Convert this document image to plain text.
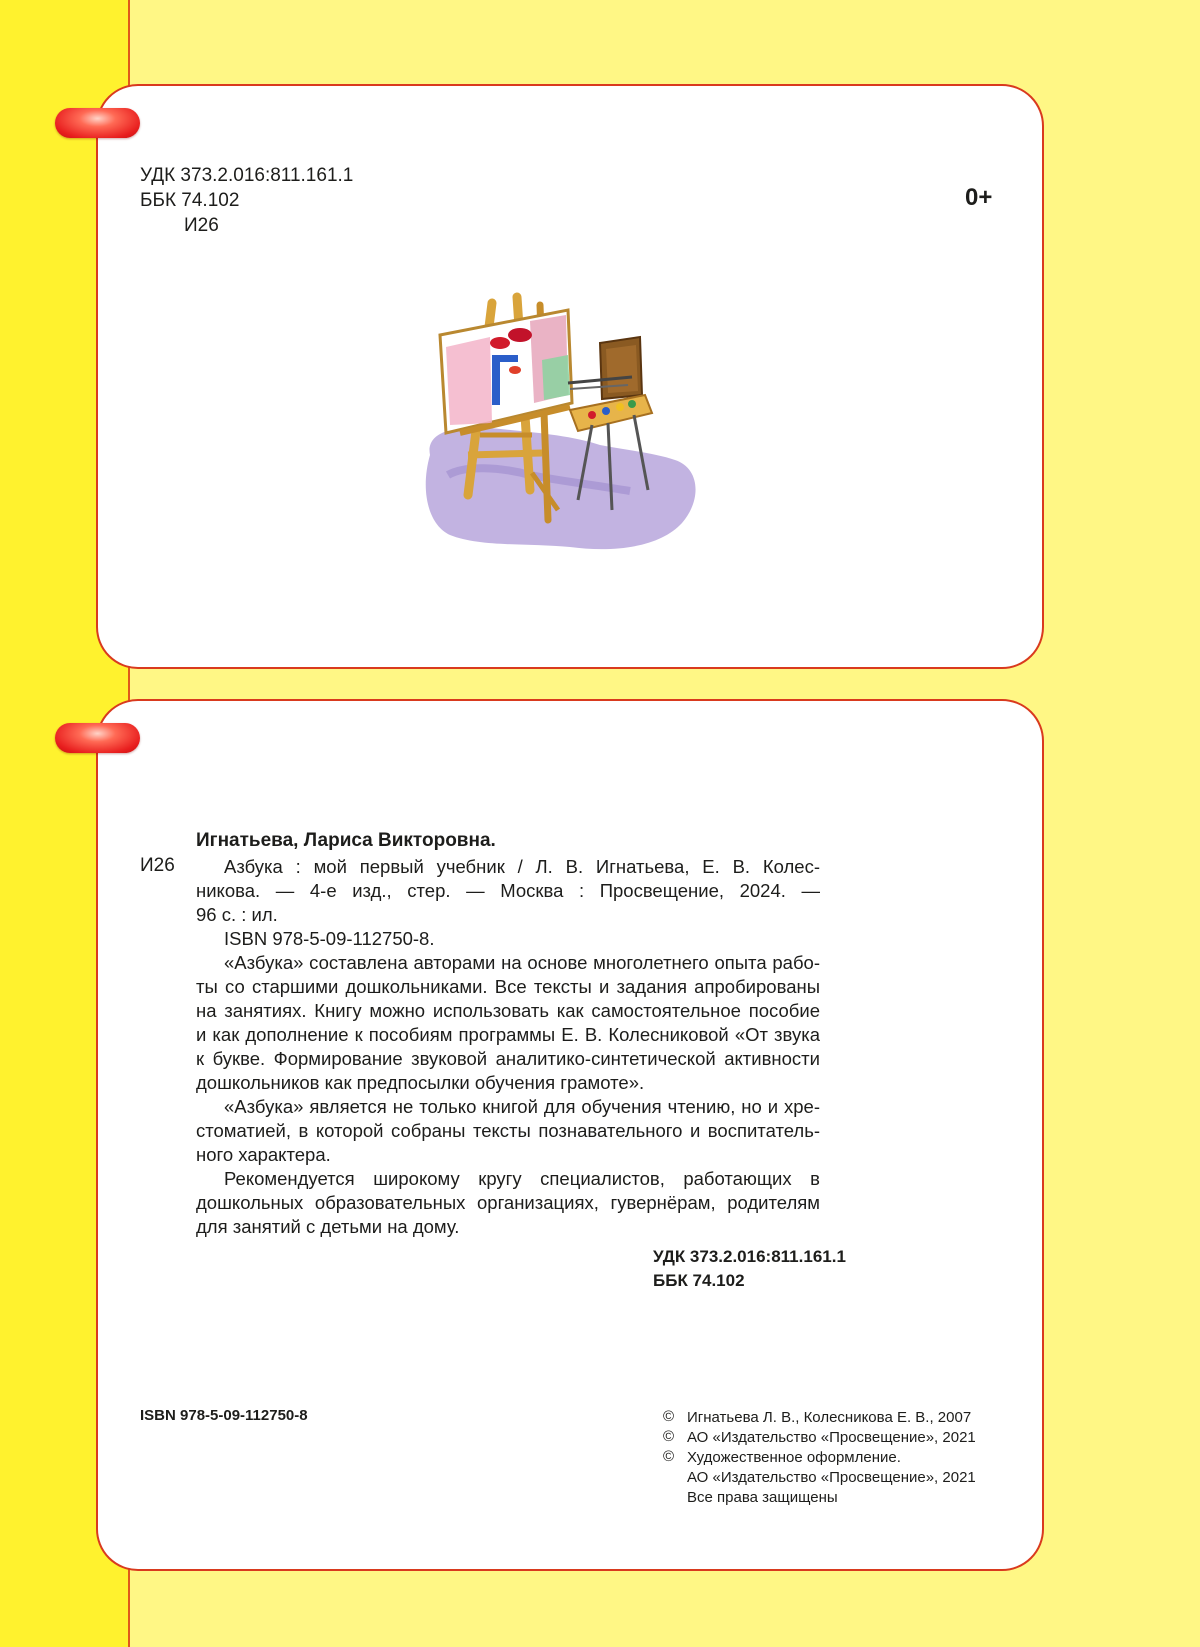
УДК 373.2.016:811.161.1
ББК 74.102
И26
0+
Игнатьева, Лариса Викторовна.
И26	Азбука : мой первый учебник / Л. В. Игнатьева, Е. В. Колес-
никова. — 4-е изд., стер. — Москва : Просвещение, 2024. —
96 с. : ил.
ISBN 978-5-09-112750-8.
«Азбука» составлена авторами на основе многолетнего опыта рабо-
ты со старшими дошкольниками. Все тексты и задания апробированы
на занятиях. Книгу можно использовать как самостоятельное пособие
и как дополнение к пособиям программы Е. В. Колесниковой «От звука
к букве. Формирование звуковой аналитико-синтетической активности
дошкольников как предпосылки обучения грамоте».
«Азбука» является не только книгой для обучения чтению, но и хре-
стоматией, в которой собраны тексты познавательного и воспитатель-
ного характера.
Рекомендуется широкому кругу специалистов, работающих в
дошкольных образовательных организациях, гувернёрам, родителям
для занятий с детьми на дому.
УДК 373.2.016:811.161.1
ББК 74.102
ISBN 978-5-09-112750-8	©
©
©
Игнатьева Л. В., Колесникова Е. В., 2007
АО «Издательство «Просвещение», 2021
Художественное оформление.
АО «Издательство «Просвещение», 2021
Все права защищены
